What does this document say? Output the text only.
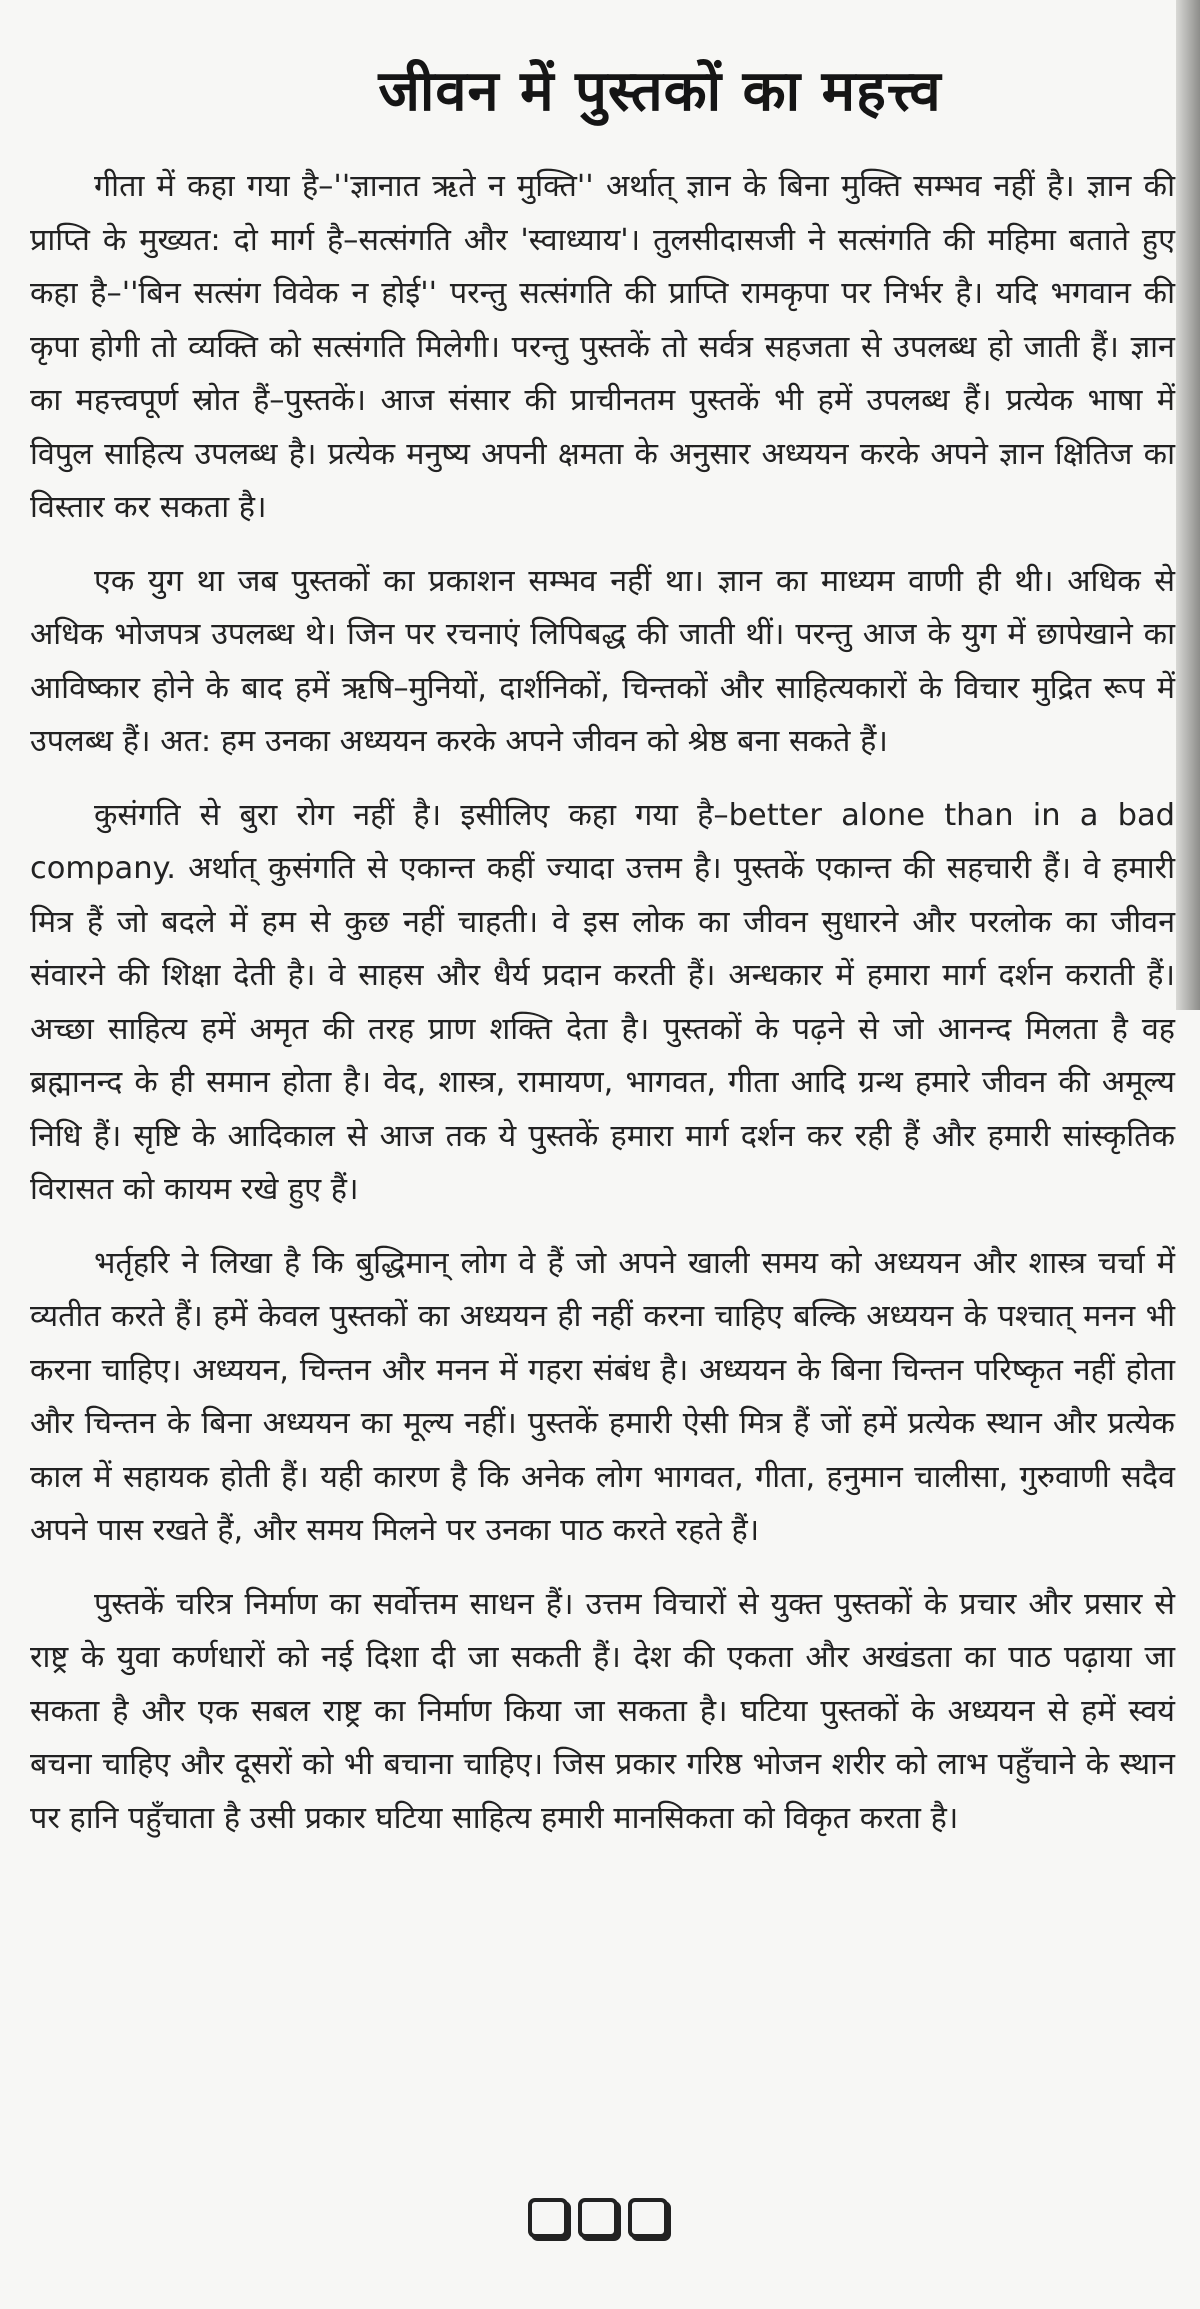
जीवन में पुस्तकों का महत्त्व

गीता में कहा गया है–''ज्ञानात ऋते न मुक्ति'' अर्थात् ज्ञान के बिना मुक्ति सम्भव नहीं है। ज्ञान की प्राप्ति के मुख्यत: दो मार्ग है–सत्संगति और 'स्वाध्याय'। तुलसीदासजी ने सत्संगति की महिमा बताते हुए कहा है–''बिन सत्संग विवेक न होई'' परन्तु सत्संगति की प्राप्ति रामकृपा पर निर्भर है। यदि भगवान की कृपा होगी तो व्यक्ति को सत्संगति मिलेगी। परन्तु पुस्तकें तो सर्वत्र सहजता से उपलब्ध हो जाती हैं। ज्ञान का महत्त्वपूर्ण स्रोत हैं–पुस्तकें। आज संसार की प्राचीनतम पुस्तकें भी हमें उपलब्ध हैं। प्रत्येक भाषा में विपुल साहित्य उपलब्ध है। प्रत्येक मनुष्य अपनी क्षमता के अनुसार अध्ययन करके अपने ज्ञान क्षितिज का विस्तार कर सकता है।

एक युग था जब पुस्तकों का प्रकाशन सम्भव नहीं था। ज्ञान का माध्यम वाणी ही थी। अधिक से अधिक भोजपत्र उपलब्ध थे। जिन पर रचनाएं लिपिबद्ध की जाती थीं। परन्तु आज के युग में छापेखाने का आविष्कार होने के बाद हमें ऋषि–मुनियों, दार्शनिकों, चिन्तकों और साहित्यकारों के विचार मुद्रित रूप में उपलब्ध हैं। अत: हम उनका अध्ययन करके अपने जीवन को श्रेष्ठ बना सकते हैं।

कुसंगति से बुरा रोग नहीं है। इसीलिए कहा गया है–better alone than in a bad company. अर्थात् कुसंगति से एकान्त कहीं ज्यादा उत्तम है। पुस्तकें एकान्त की सहचारी हैं। वे हमारी मित्र हैं जो बदले में हम से कुछ नहीं चाहती। वे इस लोक का जीवन सुधारने और परलोक का जीवन संवारने की शिक्षा देती है। वे साहस और धैर्य प्रदान करती हैं। अन्धकार में हमारा मार्ग दर्शन कराती हैं। अच्छा साहित्य हमें अमृत की तरह प्राण शक्ति देता है। पुस्तकों के पढ़ने से जो आनन्द मिलता है वह ब्रह्मानन्द के ही समान होता है। वेद, शास्त्र, रामायण, भागवत, गीता आदि ग्रन्थ हमारे जीवन की अमूल्य निधि हैं। सृष्टि के आदिकाल से आज तक ये पुस्तकें हमारा मार्ग दर्शन कर रही हैं और हमारी सांस्कृतिक विरासत को कायम रखे हुए हैं।

भर्तृहरि ने लिखा है कि बुद्धिमान् लोग वे हैं जो अपने खाली समय को अध्ययन और शास्त्र चर्चा में व्यतीत करते हैं। हमें केवल पुस्तकों का अध्ययन ही नहीं करना चाहिए बल्कि अध्ययन के पश्चात् मनन भी करना चाहिए। अध्ययन, चिन्तन और मनन में गहरा संबंध है। अध्ययन के बिना चिन्तन परिष्कृत नहीं होता और चिन्तन के बिना अध्ययन का मूल्य नहीं। पुस्तकें हमारी ऐसी मित्र हैं जों हमें प्रत्येक स्थान और प्रत्येक काल में सहायक होती हैं। यही कारण है कि अनेक लोग भागवत, गीता, हनुमान चालीसा, गुरुवाणी सदैव अपने पास रखते हैं, और समय मिलने पर उनका पाठ करते रहते हैं।

पुस्तकें चरित्र निर्माण का सर्वोत्तम साधन हैं। उत्तम विचारों से युक्त पुस्तकों के प्रचार और प्रसार से राष्ट्र के युवा कर्णधारों को नई दिशा दी जा सकती हैं। देश की एकता और अखंडता का पाठ पढ़ाया जा सकता है और एक सबल राष्ट्र का निर्माण किया जा सकता है। घटिया पुस्तकों के अध्ययन से हमें स्वयं बचना चाहिए और दूसरों को भी बचाना चाहिए। जिस प्रकार गरिष्ठ भोजन शरीर को लाभ पहुँचाने के स्थान पर हानि पहुँचाता है उसी प्रकार घटिया साहित्य हमारी मानसिकता को विकृत करता है।
